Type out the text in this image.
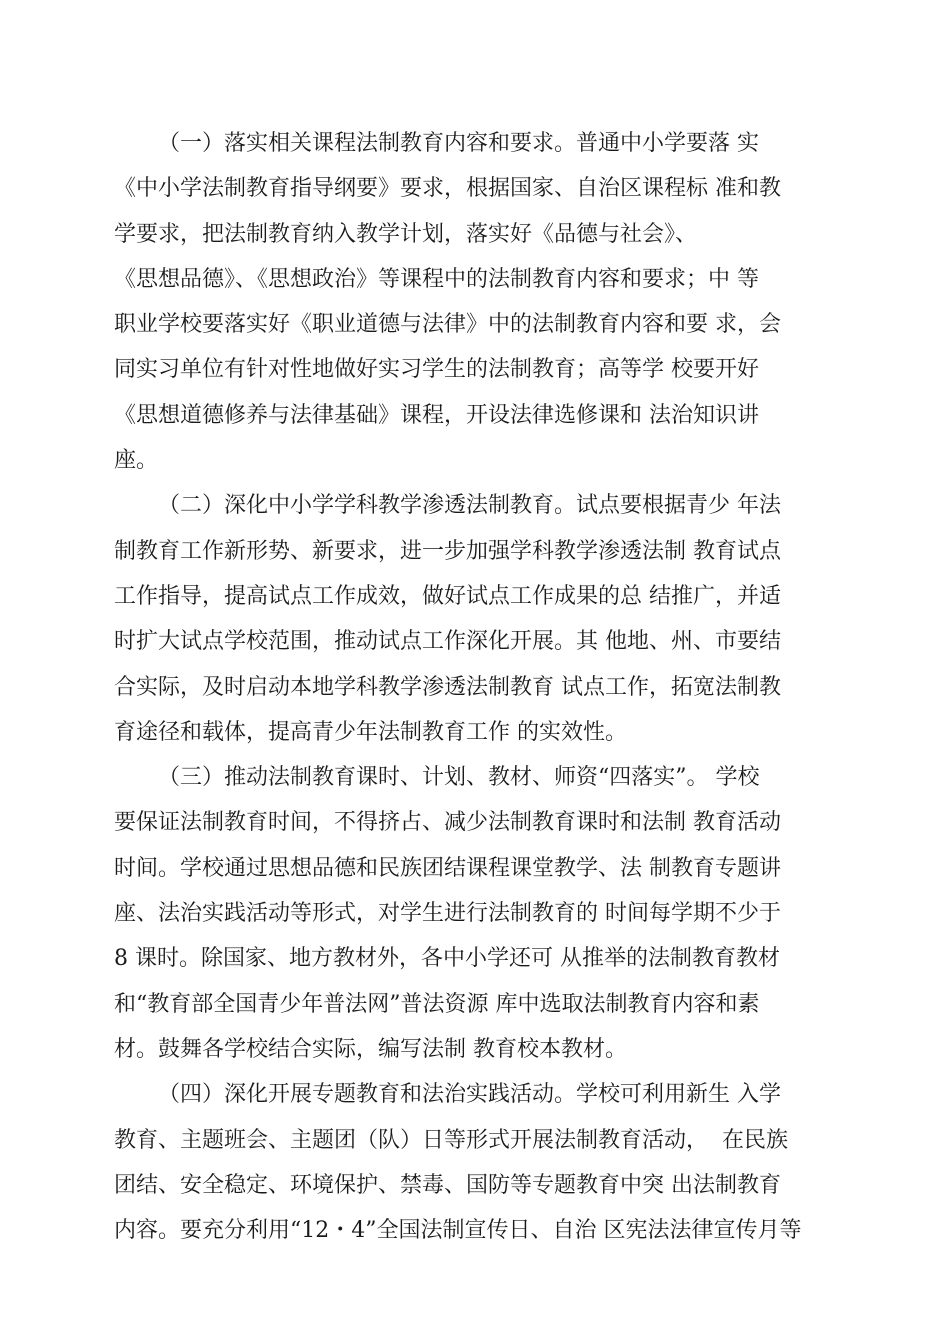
（一）落实相关课程法制教育内容和要求。普通中小学要落 实
《中小学法制教育指导纲要》要求，根据国家、自治区课程标 准和教
学要求，把法制教育纳入教学计划，落实好《品德与社会》、
《思想品德》、《思想政治》等课程中的法制教育内容和要求；中 等
职业学校要落实好《职业道德与法律》中的法制教育内容和要 求，会
同实习单位有针对性地做好实习学生的法制教育；高等学 校要开好
《思想道德修养与法律基础》课程，开设法律选修课和 法治知识讲
座。
（二）深化中小学学科教学渗透法制教育。试点要根据青少 年法
制教育工作新形势、新要求，进一步加强学科教学渗透法制 教育试点
工作指导，提高试点工作成效，做好试点工作成果的总 结推广，并适
时扩大试点学校范围，推动试点工作深化开展。其 他地、州、市要结
合实际，及时启动本地学科教学渗透法制教育 试点工作，拓宽法制教
育途径和载体，提高青少年法制教育工作 的实效性。
（三）推动法制教育课时、计划、教材、师资“四落实”。 学校
要保证法制教育时间，不得挤占、减少法制教育课时和法制 教育活动
时间。学校通过思想品德和民族团结课程课堂教学、法 制教育专题讲
座、法治实践活动等形式，对学生进行法制教育的 时间每学期不少于
8 课时。除国家、地方教材外，各中小学还可 从推举的法制教育教材
和“教育部全国青少年普法网”普法资源 库中选取法制教育内容和素
材。鼓舞各学校结合实际，编写法制 教育校本教材。
（四）深化开展专题教育和法治实践活动。学校可利用新生 入学
教育、主题班会、主题团（队）日等形式开展法制教育活动，  在民族
团结、安全稳定、环境保护、禁毒、国防等专题教育中突 出法制教育
内容。要充分利用“12・4”全国法制宣传日、自治 区宪法法律宣传月等
